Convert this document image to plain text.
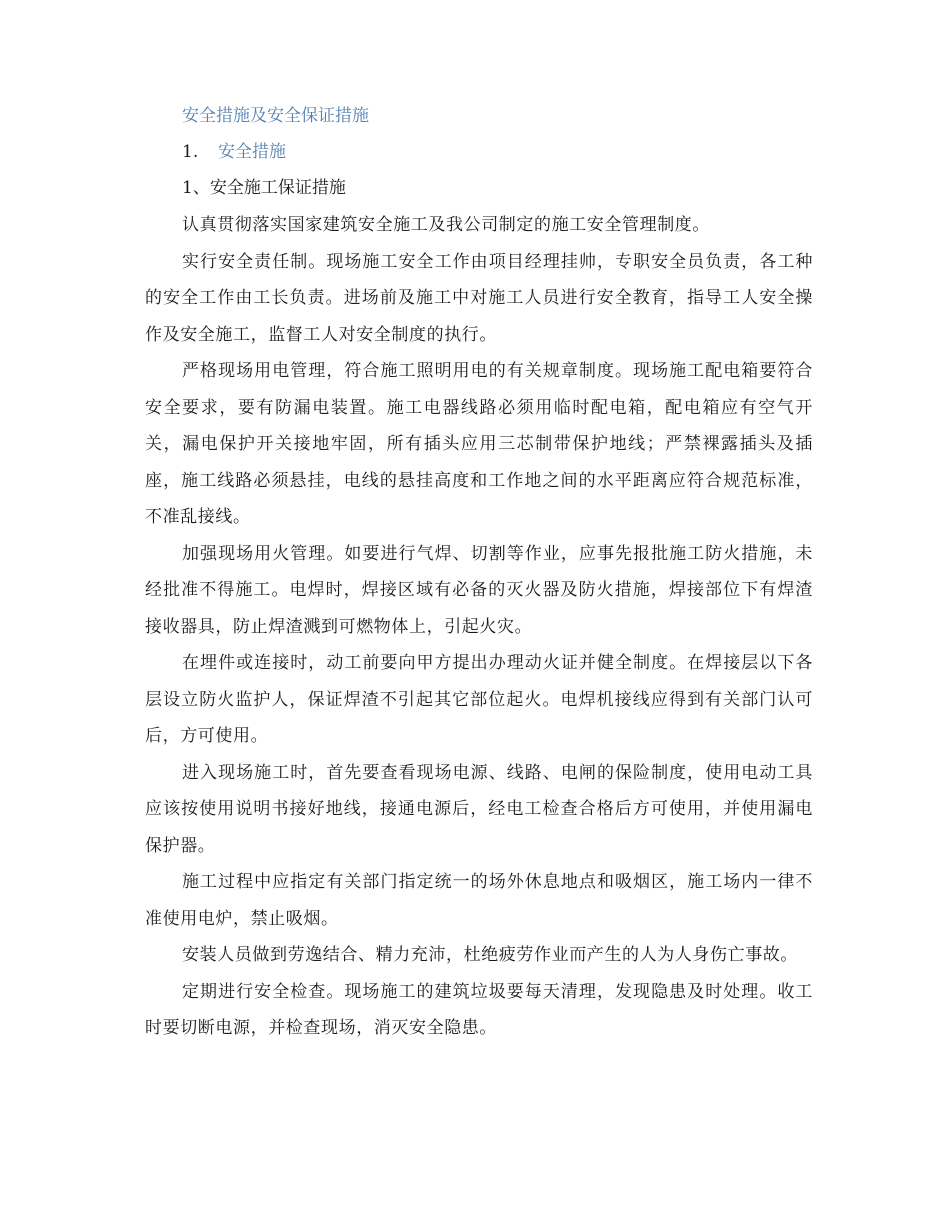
安全措施及安全保证措施
1. 安全措施
1、安全施工保证措施

认真贯彻落实国家建筑安全施工及我公司制定的施工安全管理制度。

实行安全责任制。现场施工安全工作由项目经理挂帅，专职安全员负责，各工种的安全工作由工长负责。进场前及施工中对施工人员进行安全教育，指导工人安全操作及安全施工，监督工人对安全制度的执行。

严格现场用电管理，符合施工照明用电的有关规章制度。现场施工配电箱要符合安全要求，要有防漏电装置。施工电器线路必须用临时配电箱，配电箱应有空气开关，漏电保护开关接地牢固，所有插头应用三芯制带保护地线；严禁裸露插头及插座，施工线路必须悬挂，电线的悬挂高度和工作地之间的水平距离应符合规范标准，不准乱接线。

加强现场用火管理。如要进行气焊、切割等作业，应事先报批施工防火措施，未经批准不得施工。电焊时，焊接区域有必备的灭火器及防火措施，焊接部位下有焊渣接收器具，防止焊渣溅到可燃物体上，引起火灾。

在埋件或连接时，动工前要向甲方提出办理动火证并健全制度。在焊接层以下各层设立防火监护人，保证焊渣不引起其它部位起火。电焊机接线应得到有关部门认可后，方可使用。

进入现场施工时，首先要查看现场电源、线路、电闸的保险制度，使用电动工具应该按使用说明书接好地线，接通电源后，经电工检查合格后方可使用，并使用漏电保护器。

施工过程中应指定有关部门指定统一的场外休息地点和吸烟区，施工场内一律不准使用电炉，禁止吸烟。

安装人员做到劳逸结合、精力充沛，杜绝疲劳作业而产生的人为人身伤亡事故。

定期进行安全检查。现场施工的建筑垃圾要每天清理，发现隐患及时处理。收工时要切断电源，并检查现场，消灭安全隐患。
